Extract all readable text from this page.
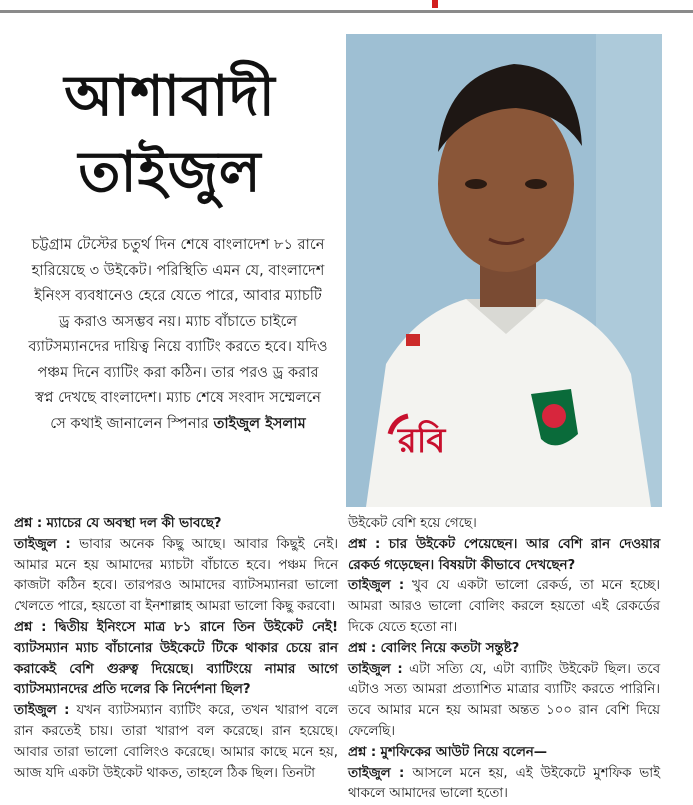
আশাবাদী
তাইজুল
চট্টগ্রাম টেস্টের চতুর্থ দিন শেষে বাংলাদেশ ৮১ রানে হারিয়েছে ৩ উইকেট। পরিস্থিতি এমন যে, বাংলাদেশ ইনিংস ব্যবধানেও হেরে যেতে পারে, আবার ম্যাচটি ড্র করাও অসম্ভব নয়। ম্যাচ বাঁচাতে চাইলে ব্যাটসম্যানদের দায়িত্ব নিয়ে ব্যাটিং করতে হবে। যদিও পঞ্চম দিনে ব্যাটিং করা কঠিন। তার পরও ড্র করার স্বপ্ন দেখছে বাংলাদেশ। ম্যাচ শেষে সংবাদ সম্মেলনে সে কথাই জানালেন স্পিনার তাইজুল ইসলাম	রবি

প্রশ্ন : ম্যাচের যে অবস্থা দল কী ভাবছে?

তাইজুল : ভাবার অনেক কিছু আছে। আবার কিছুই নেই। আমার মনে হয় আমাদের ম্যাচটা বাঁচাতে হবে। পঞ্চম দিনে কাজটা কঠিন হবে। তারপরও আমাদের ব্যাটসম্যানরা ভালো খেলতে পারে, হয়তো বা ইনশাল্লাহ আমরা ভালো কিছু করবো।

প্রশ্ন : দ্বিতীয় ইনিংসে মাত্র ৮১ রানে তিন উইকেট নেই! ব্যাটসম্যান ম্যাচ বাঁচানোর উইকেটে টিকে থাকার চেয়ে রান করাকেই বেশি গুরুত্ব দিয়েছে। ব্যাটিংয়ে নামার আগে ব্যাটসম্যানদের প্রতি দলের কি নির্দেশনা ছিল?

তাইজুল : যখন ব্যাটসম্যান ব্যাটিং করে, তখন খারাপ বলে রান করতেই চায়। তারা খারাপ বল করেছে। রান হয়েছে। আবার তারা ভালো বোলিংও করেছে। আমার কাছে মনে হয়, আজ যদি একটা উইকেট থাকত, তাহলে ঠিক ছিল। তিনটা

উইকেট বেশি হয়ে গেছে।

প্রশ্ন : চার উইকেট পেয়েছেন। আর বেশি রান দেওয়ার রেকর্ড গড়েছেন। বিষয়টা কীভাবে দেখছেন?

তাইজুল : খুব যে একটা ভালো রেকর্ড, তা মনে হচ্ছে। আমরা আরও ভালো বোলিং করলে হয়তো এই রেকর্ডের দিকে যেতে হতো না।

প্রশ্ন : বোলিং নিয়ে কতটা সন্তুষ্ট?

তাইজুল : এটা সত্যি যে, এটা ব্যাটিং উইকেট ছিল। তবে এটাও সত্য আমরা প্রত্যাশিত মাত্রার ব্যাটিং করতে পারিনি। তবে আমার মনে হয় আমরা অন্তত ১০০ রান বেশি দিয়ে ফেলেছি।

প্রশ্ন : মুশফিকের আউট নিয়ে বলেন—

তাইজুল : আসলে মনে হয়, এই উইকেটে মুশফিক ভাই থাকলে আমাদের ভালো হতো।
